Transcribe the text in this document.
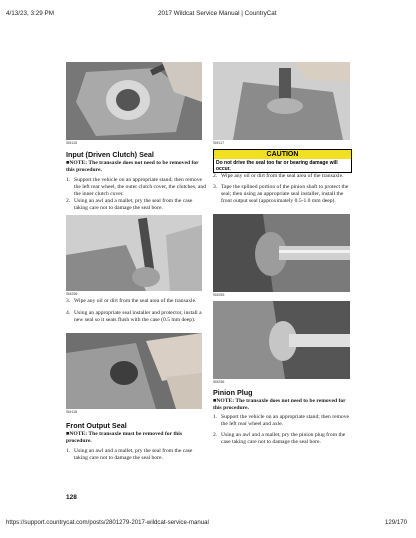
4/13/23, 3:29 PM	2017 Wildcat Service Manual | CountryCat
https://support.countrycat.com/posts/2801279-2017-wildcat-service-manual	129/170
SM115
Input (Driven Clutch) Seal
■NOTE: The transaxle does not need to be removed for this procedure.
1. Support the vehicle on an appropriate stand; then remove the left rear wheel, the outer clutch cover, the clutches, and the inner clutch cover.
2. Using an awl and a mallet, pry the seal from the case taking care not to damage the seal bore.
SM256
3. Wipe any oil or dirt from the seal area of the transaxle.
4. Using an appropriate seal installer and protector, install a new seal so it seats flush with the case (0.5 mm deep).
SM118
Front Output Seal
■NOTE: The transaxle must be removed for this procedure.
1. Using an awl and a mallet, pry the seal from the case taking care not to damage the seal bore.
128
SM117
CAUTION
Do not drive the seal too far or bearing damage will occur.
2. Wipe any oil or dirt from the seal area of the transaxle.
3. Tape the splined portion of the pinion shaft to protect the seal; then using an appropriate seal installer, install the front output seal (approximately 0.5-1.0 mm deep).
SM255
SM256
Pinion Plug
■NOTE: The transaxle does not need to be removed for this procedure.
1. Support the vehicle on an appropriate stand; then remove the left rear wheel and axle.
2. Using an awl and a mallet, pry the pinion plug from the case taking care not to damage the seal bore.
